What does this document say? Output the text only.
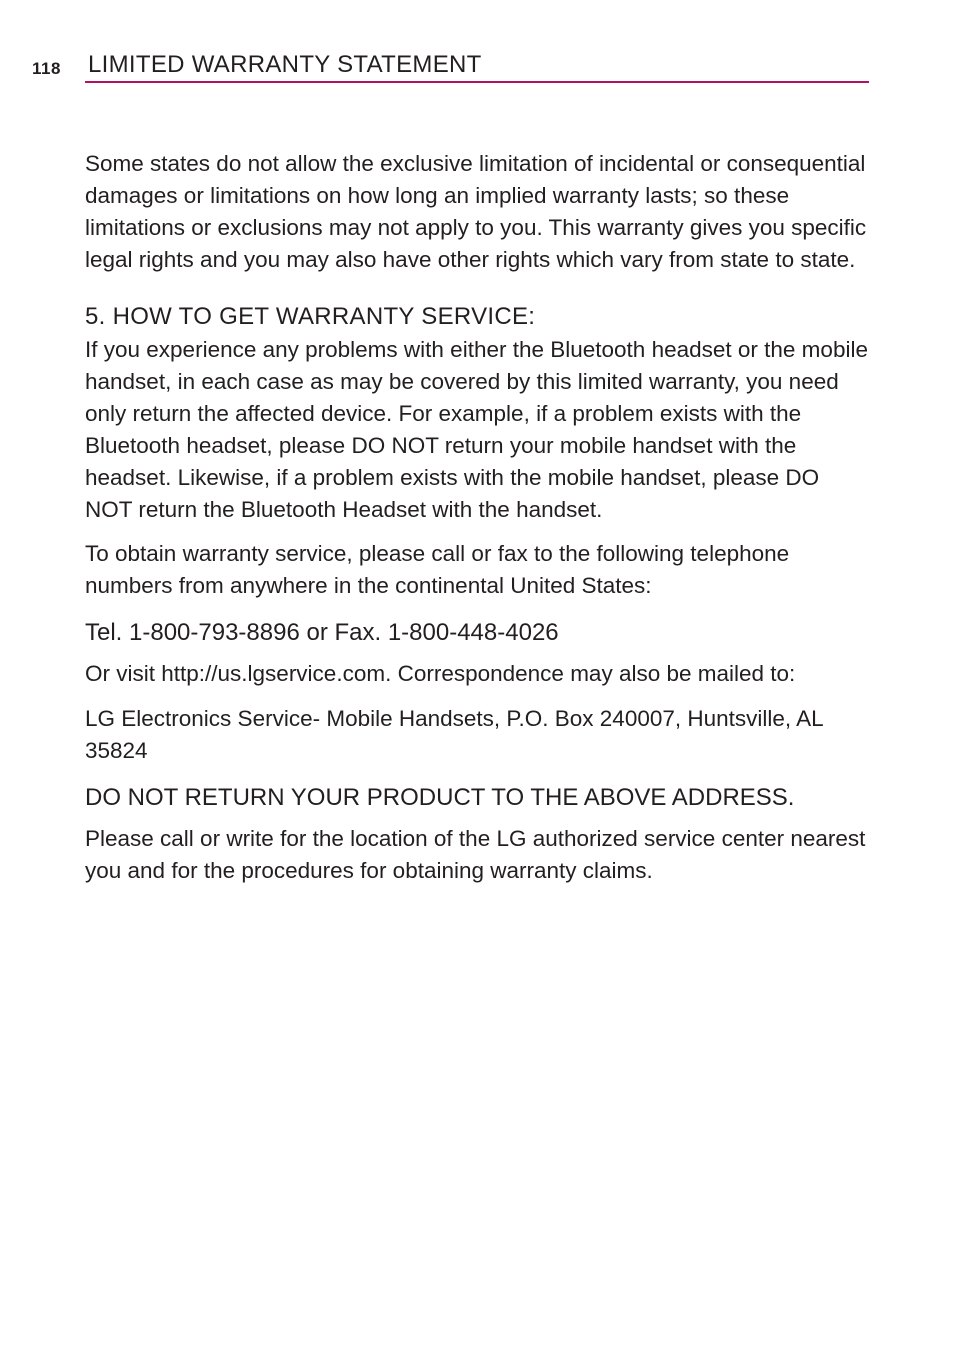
118 LIMITED WARRANTY STATEMENT

Some states do not allow the exclusive limitation of incidental or consequential damages or limitations on how long an implied warranty lasts; so these limitations or exclusions may not apply to you. This warranty gives you specific legal rights and you may also have other rights which vary from state to state.

5. HOW TO GET WARRANTY SERVICE:

If you experience any problems with either the Bluetooth headset or the mobile handset, in each case as may be covered by this limited warranty, you need only return the affected device. For example, if a problem exists with the Bluetooth headset, please DO NOT return your mobile handset with the headset. Likewise, if a problem exists with the mobile handset, please DO NOT return the Bluetooth Headset with the handset.

To obtain warranty service, please call or fax to the following telephone numbers from anywhere in the continental United States:

Tel. 1-800-793-8896 or Fax. 1-800-448-4026

Or visit http://us.lgservice.com. Correspondence may also be mailed to:

LG Electronics Service- Mobile Handsets, P.O. Box 240007, Huntsville, AL 35824

DO NOT RETURN YOUR PRODUCT TO THE ABOVE ADDRESS.

Please call or write for the location of the LG authorized service center nearest you and for the procedures for obtaining warranty claims.
